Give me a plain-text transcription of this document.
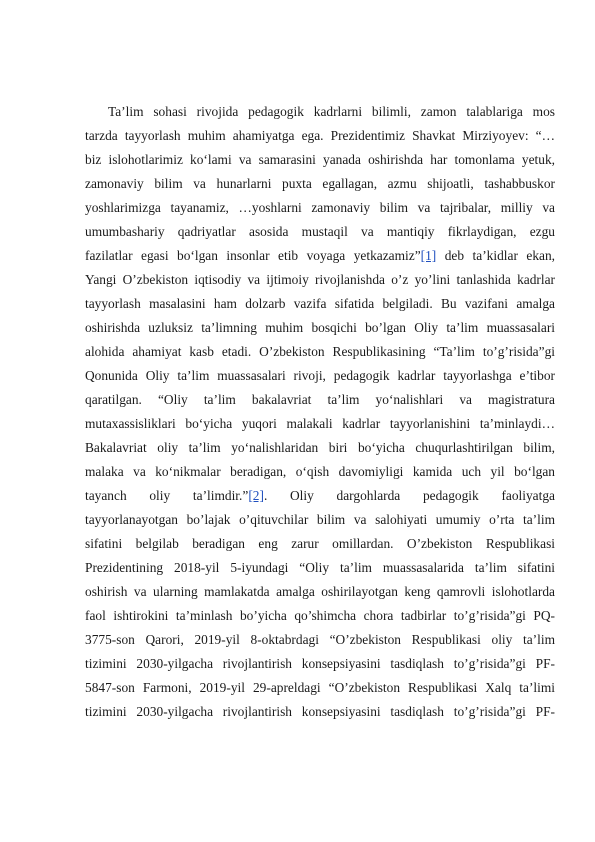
Ta’lim sohasi rivojida pedagogik kadrlarni bilimli, zamon talablariga mos
tarzda tayyorlash muhim ahamiyatga ega. Prezidentimiz Shavkat Mirziyoyev: “…
biz islohotlarimiz ko‘lami va samarasini yanada oshirishda har tomonlama yetuk,
zamonaviy bilim va hunarlarni puxta egallagan, azmu shijoatli, tashabbuskor
yoshlarimizga tayanamiz, …yoshlarni zamonaviy bilim va tajribalar, milliy va
umumbashariy qadriyatlar asosida mustaqil va mantiqiy fikrlaydigan, ezgu
fazilatlar egasi bo‘lgan insonlar etib voyaga yetkazamiz”[1] deb ta’kidlar ekan,
Yangi O’zbekiston iqtisodiy va ijtimoiy rivojlanishda o’z yo’lini tanlashida kadrlar
tayyorlash masalasini ham dolzarb vazifa sifatida belgiladi. Bu vazifani amalga
oshirishda uzluksiz ta’limning muhim bosqichi bo’lgan Oliy ta’lim muassasalari
alohida ahamiyat kasb etadi. O’zbekiston Respublikasining “Ta’lim to’g’risida”gi
Qonunida Oliy ta’lim muassasalari rivoji, pedagogik kadrlar tayyorlashga e’tibor
qaratilgan. “Oliy ta’lim bakalavriat ta’lim yo‘nalishlari va magistratura
mutaxassisliklari bo‘yicha yuqori malakali kadrlar tayyorlanishini ta’minlaydi…
Bakalavriat oliy ta’lim yo‘nalishlaridan biri bo‘yicha chuqurlashtirilgan bilim,
malaka va ko‘nikmalar beradigan, o‘qish davomiyligi kamida uch yil bo‘lgan
tayanch oliy ta’limdir.”[2]. Oliy dargohlarda pedagogik faoliyatga
tayyorlanayotgan bo’lajak o’qituvchilar bilim va salohiyati umumiy o’rta ta’lim
sifatini belgilab beradigan eng zarur omillardan. O’zbekiston Respublikasi
Prezidentining 2018-yil 5-iyundagi “Oliy ta’lim muassasalarida ta’lim sifatini
oshirish va ularning mamlakatda amalga oshirilayotgan keng qamrovli islohotlarda
faol ishtirokini ta’minlash bo’yicha qo’shimcha chora tadbirlar to’g’risida”gi PQ-
3775-son Qarori, 2019-yil 8-oktabrdagi “O’zbekiston Respublikasi oliy ta’lim
tizimini 2030-yilgacha rivojlantirish konsepsiyasini tasdiqlash to’g’risida”gi PF-
5847-son Farmoni, 2019-yil 29-apreldagi “O’zbekiston Respublikasi Xalq ta’limi
tizimini 2030-yilgacha rivojlantirish konsepsiyasini tasdiqlash to’g’risida”gi PF-
